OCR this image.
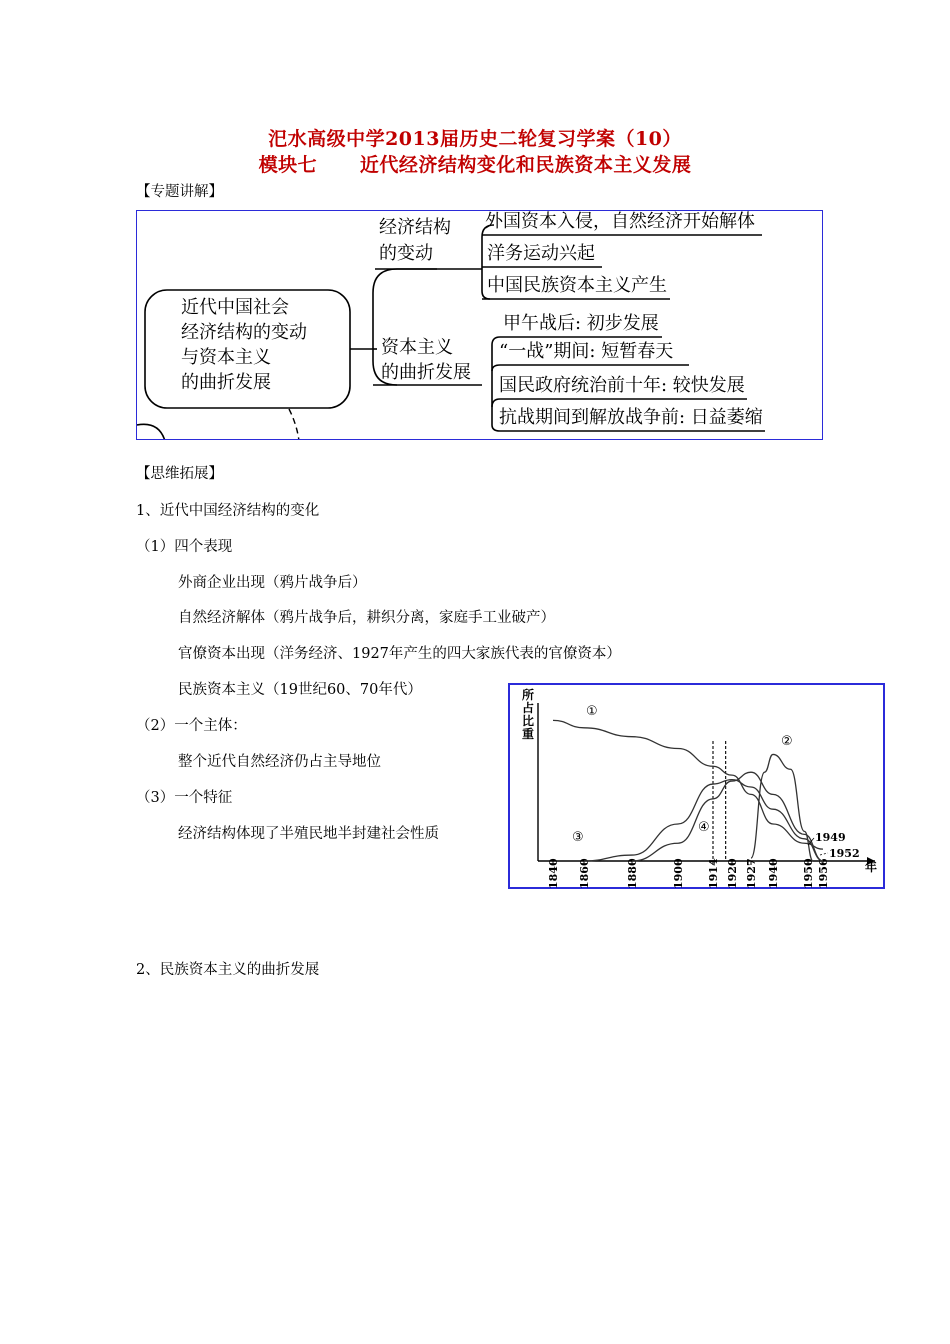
汜水高级中学2013届历史二轮复习学案（10）
模块七      近代经济结构变化和民族资本主义发展
【专题讲解】
近代中国社会
经济结构的变动
与资本主义
的曲折发展
经济结构
的变动
外国资本入侵，自然经济开始解体
洋务运动兴起
中国民族资本主义产生
资本主义
的曲折发展
甲午战后: 初步发展
“一战”期间: 短暂春天
国民政府统治前十年: 较快发展
抗战期间到解放战争前: 日益萎缩
【思维拓展】
1、近代中国经济结构的变化
（1）四个表现
外商企业出现（鸦片战争后）
自然经济解体（鸦片战争后，耕织分离，家庭手工业破产）
官僚资本出现（洋务经济、1927年产生的四大家族代表的官僚资本）
民族资本主义（19世纪60、70年代）
（2）一个主体：
整个近代自然经济仍占主导地位
（3）一个特征
经济结构体现了半殖民地半封建社会性质
2、民族资本主义的曲折发展
所
占
比
重
年
1840 1860	1880	1900 1914 1920 1927 1940 1950 1956
①
②
③
④
1949
1952
